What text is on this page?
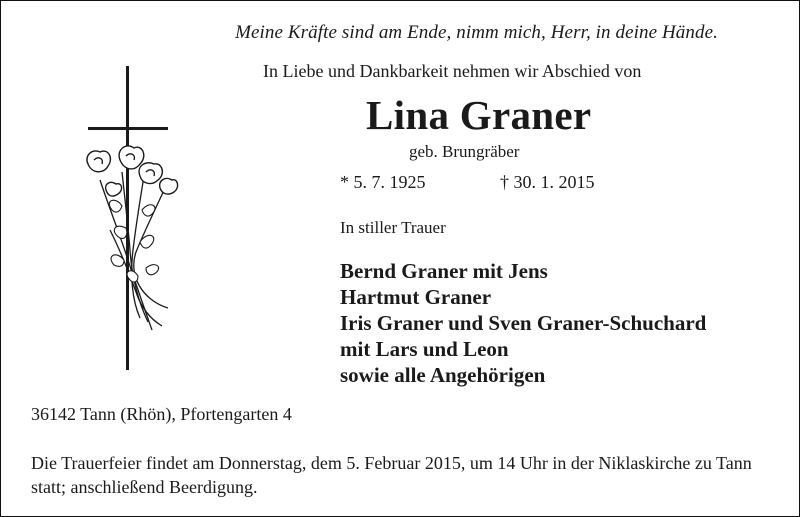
Meine Kräfte sind am Ende, nimm mich, Herr, in deine Hände.
In Liebe und Dankbarkeit nehmen wir Abschied von
Lina Graner
geb. Brungräber
* 5. 7. 1925	† 30. 1. 2015
In stiller Trauer
Bernd Graner mit Jens
Hartmut Graner
Iris Graner und Sven Graner-Schuchard
mit Lars und Leon
sowie alle Angehörigen
36142 Tann (Rhön), Pfortengarten 4
Die Trauerfeier findet am Donnerstag, dem 5. Februar 2015, um 14 Uhr in der Niklaskirche zu Tann statt; anschließend Beerdigung.
